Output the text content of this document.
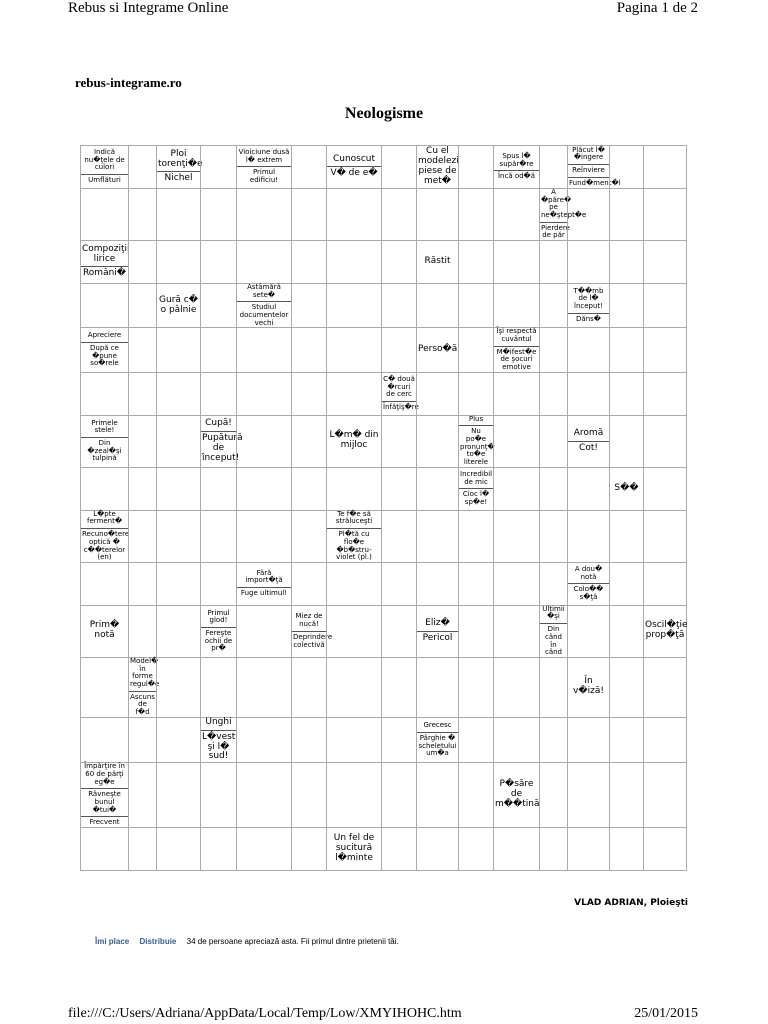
Rebus si Integrame Online	Pagina 1 de 2
rebus-integrame.ro
Neologisme
Indică nu�ţele de culori
Umflături
Ploi torenţi�e
Nichel
Vioiciune dusă l� extrem
Primul edificiu!
Cunoscut
V� de e�
Cu el modelezi piese de met�
Spus l� supăr�re
Încă od�ă
Plăcut l� �ingere
Reînviere
Fund�ment�l
A �păre� pe ne�ştept�e
Pierdere de păr
Compoziţii lirice
Români�
Răstit
Gură c� o pâlnie
Astâmără sete�
Studiul documentelor vechi
T��mb de l� început!
Dăns�
Apreciere
După ce �pune so�rele
Perso�ă
Îşi respectă cuvântul
M�ifest�e de şocuri emotive
C� două �rcuri de cerc
Înfăţiş�re
Primele stele!
Din �zeal�şi tulpină
Cupă!
Pupătură de început!
L�m� din mijloc
Plus
Nu po�e pronunţ� to�e literele
Aromă
Cot!
Incredibil de mic
Cioc l� sp�e!
S��
L�pte ferment�
Recuno�tere optică � c��terelor (en)
Te f�e să străluceşti
Pl�tă cu flo�e �b�stru-violet (pl.)
Fără import�ţă
Fuge ultimul!
A dou� notă
Colo�� s�ţă
Prim� notă
Primul glod!
Fereşte ochii de pr�
Miez de nucă!
Deprindere colectivă
Eliz�
Pericol
Ultimii �şi
Din când în când
Oscil�ţie prop�ţă
Model� în forme regul�e
Ascuns de f�d
În v�iză!
Unghi
L�vest şi l� sud!
Grecesc
Pârghie � scheletului um�a
Împărţire în 60 de părţi eg�e
Râvneşte bunul �tui�
Frecvent
P�săre de m��tină
Un fel de sucitură l�minte
VLAD ADRIAN, Ploieşti
Îmi place Distribuie 34 de persoane apreciază asta. Fii primul dintre prietenii tăi.
file:///C:/Users/Adriana/AppData/Local/Temp/Low/XMYIHOHC.htm	25/01/2015
